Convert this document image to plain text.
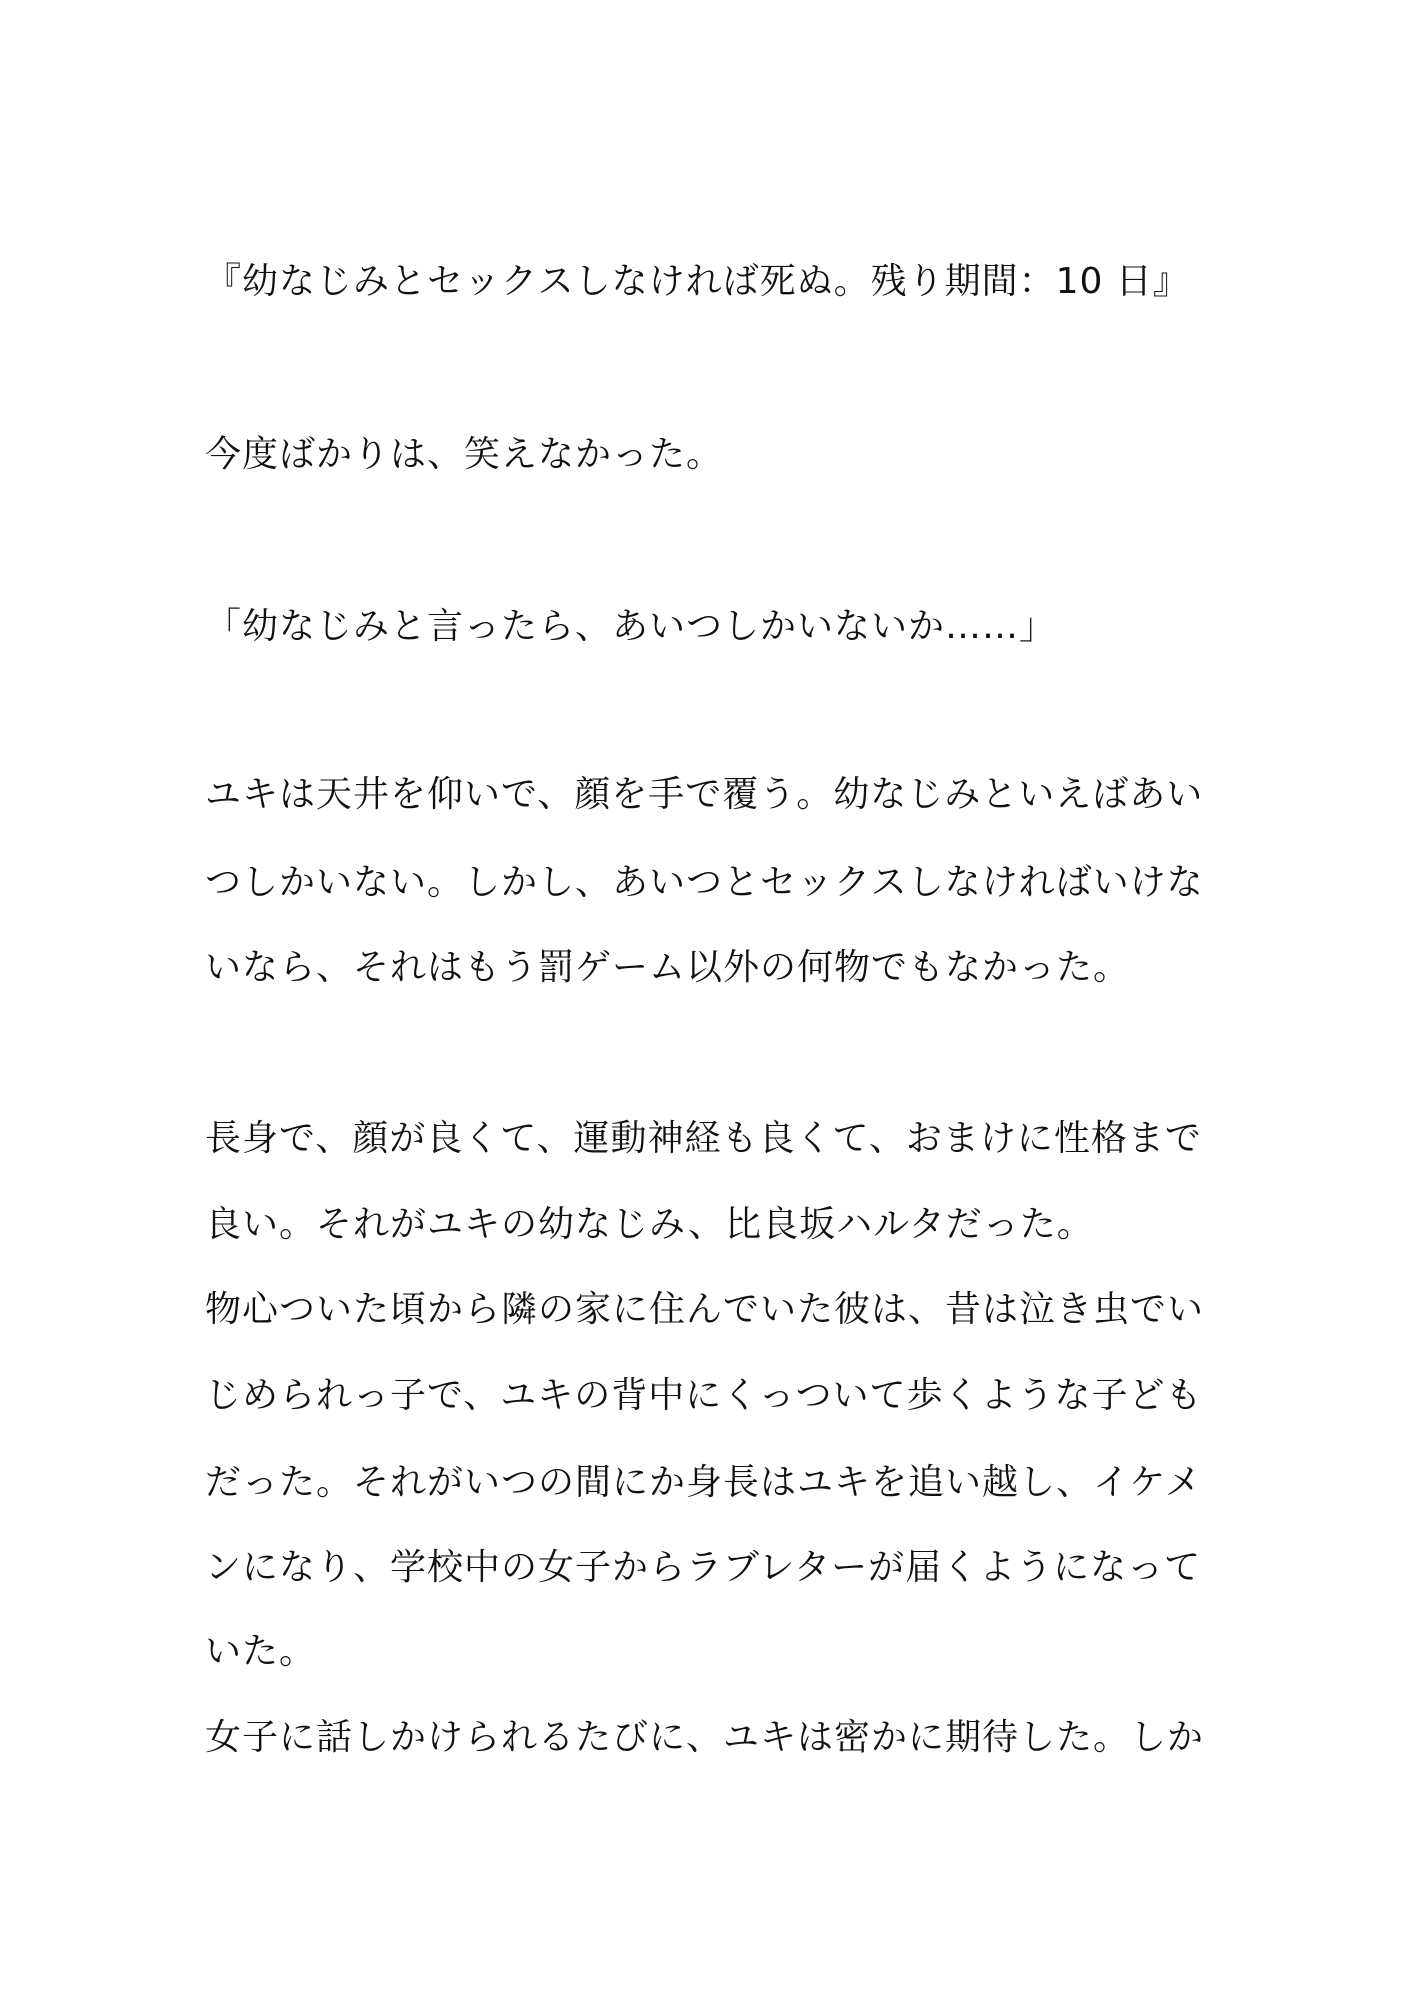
『幼なじみとセックスしなければ死ぬ。残り期間：10 日』

今度ばかりは、笑えなかった。

「幼なじみと言ったら、あいつしかいないか……」

ユキは天井を仰いで、顔を手で覆う。幼なじみといえばあい

つしかいない。しかし、あいつとセックスしなければいけな

いなら、それはもう罰ゲーム以外の何物でもなかった。

長身で、顔が良くて、運動神経も良くて、おまけに性格まで

良い。それがユキの幼なじみ、比良坂ハルタだった。

物心ついた頃から隣の家に住んでいた彼は、昔は泣き虫でい

じめられっ子で、ユキの背中にくっついて歩くような子ども

だった。それがいつの間にか身長はユキを追い越し、イケメ

ンになり、学校中の女子からラブレターが届くようになって

いた。

女子に話しかけられるたびに、ユキは密かに期待した。しか
